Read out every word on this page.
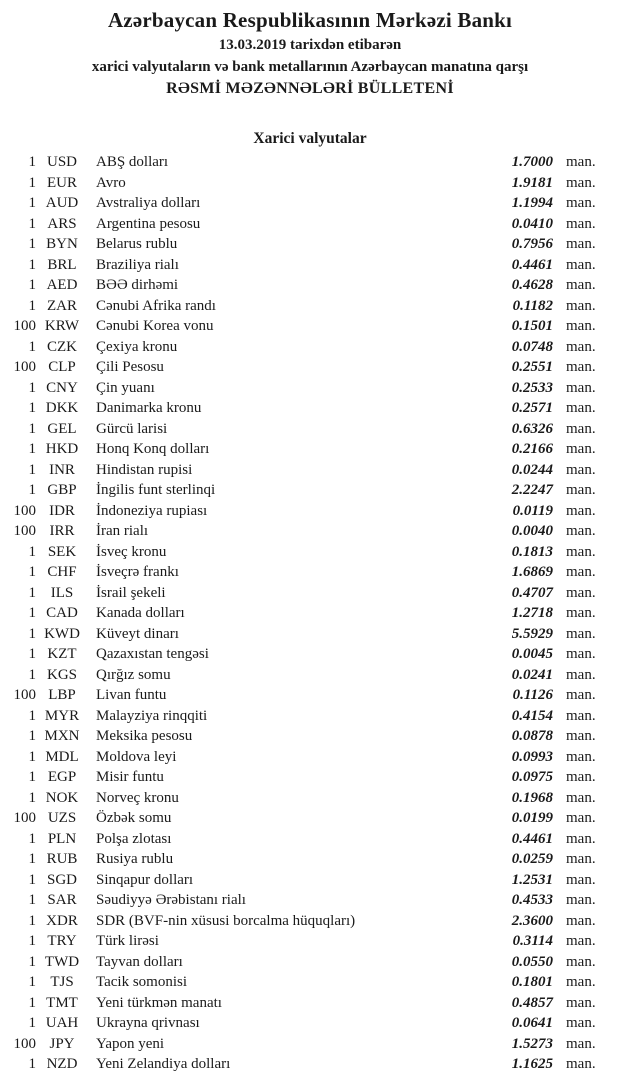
Azərbaycan Respublikasının Mərkəzi Bankı
13.03.2019 tarixdən etibarən
xarici valyutaların və bank metallarının Azərbaycan manatına qarşı
RƏSMİ MƏZƏNNƏLƏRİ BÜLLETENİ
Xarici valyutalar
1 USD	ABŞ dolları	1.7000 man.
1 EUR	Avro	1.9181 man.
1 AUD	Avstraliya dolları	1.1994 man.
1 ARS	Argentina pesosu	0.0410 man.
1 BYN	Belarus rublu	0.7956 man.
1 BRL	Braziliya rialı	0.4461 man.
1 AED	BƏƏ dirhəmi	0.4628 man.
1 ZAR	Cənubi Afrika randı	0.1182 man.
100 KRW	Cənubi Korea vonu	0.1501 man.
1 CZK	Çexiya kronu	0.0748 man.
100 CLP	Çili Pesosu	0.2551 man.
1 CNY	Çin yuanı	0.2533 man.
1 DKK	Danimarka kronu	0.2571 man.
1 GEL	Gürcü larisi	0.6326 man.
1 HKD	Honq Konq dolları	0.2166 man.
1 INR	Hindistan rupisi	0.0244 man.
1 GBP	İngilis funt sterlinqi	2.2247 man.
100 IDR	İndoneziya rupiası	0.0119 man.
100 IRR	İran rialı	0.0040 man.
1 SEK	İsveç kronu	0.1813 man.
1 CHF	İsveçrə frankı	1.6869 man.
1 ILS	İsrail şekeli	0.4707 man.
1 CAD	Kanada dolları	1.2718 man.
1 KWD	Küveyt dinarı	5.5929 man.
1 KZT	Qazaxıstan tengəsi	0.0045 man.
1 KGS	Qırğız somu	0.0241 man.
100 LBP	Livan funtu	0.1126 man.
1 MYR	Malayziya rinqqiti	0.4154 man.
1 MXN	Meksika pesosu	0.0878 man.
1 MDL	Moldova leyi	0.0993 man.
1 EGP	Misir funtu	0.0975 man.
1 NOK	Norveç kronu	0.1968 man.
100 UZS	Özbək somu	0.0199 man.
1 PLN	Polşa zlotası	0.4461 man.
1 RUB	Rusiya rublu	0.0259 man.
1 SGD	Sinqapur dolları	1.2531 man.
1 SAR	Səudiyyə Ərəbistanı rialı	0.4533 man.
1 XDR	SDR (BVF-nin xüsusi borcalma hüquqları)	2.3600 man.
1 TRY	Türk lirəsi	0.3114 man.
1 TWD	Tayvan dolları	0.0550 man.
1 TJS	Tacik somonisi	0.1801 man.
1 TMT	Yeni türkmən manatı	0.4857 man.
1 UAH	Ukrayna qrivnası	0.0641 man.
100 JPY	Yapon yeni	1.5273 man.
1 NZD	Yeni Zelandiya dolları	1.1625 man.
